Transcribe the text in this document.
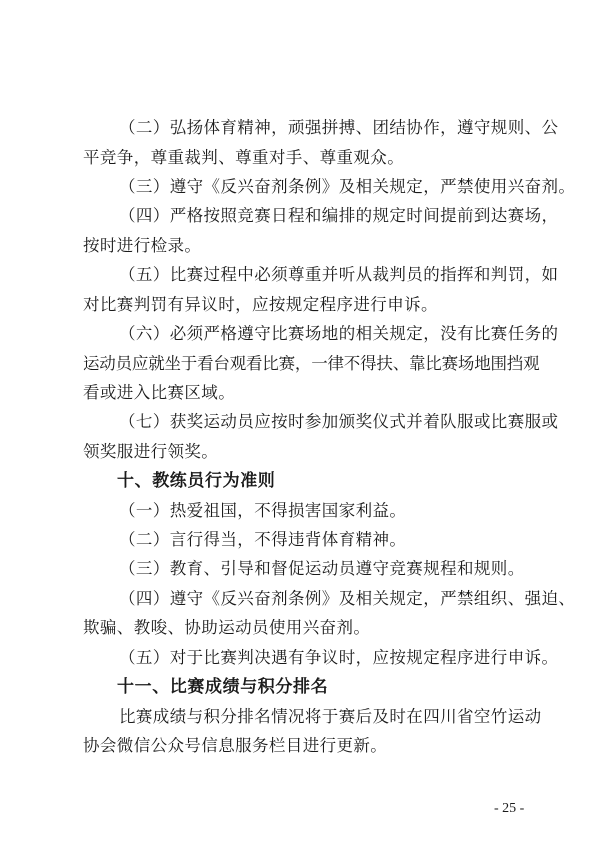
（二）弘扬体育精神，顽强拼搏、团结协作，遵守规则、公
平竞争，尊重裁判、尊重对手、尊重观众。
（三）遵守《反兴奋剂条例》及相关规定，严禁使用兴奋剂。
（四）严格按照竞赛日程和编排的规定时间提前到达赛场，
按时进行检录。
（五）比赛过程中必须尊重并听从裁判员的指挥和判罚，如
对比赛判罚有异议时，应按规定程序进行申诉。
（六）必须严格遵守比赛场地的相关规定，没有比赛任务的
运动员应就坐于看台观看比赛，一律不得扶、靠比赛场地围挡观
看或进入比赛区域。
（七）获奖运动员应按时参加颁奖仪式并着队服或比赛服或
领奖服进行领奖。
十、教练员行为准则
（一）热爱祖国，不得损害国家利益。
（二）言行得当，不得违背体育精神。
（三）教育、引导和督促运动员遵守竞赛规程和规则。
（四）遵守《反兴奋剂条例》及相关规定，严禁组织、强迫、
欺骗、教唆、协助运动员使用兴奋剂。
（五）对于比赛判决遇有争议时，应按规定程序进行申诉。
十一、比赛成绩与积分排名
比赛成绩与积分排名情况将于赛后及时在四川省空竹运动
协会微信公众号信息服务栏目进行更新。
- 25 -
